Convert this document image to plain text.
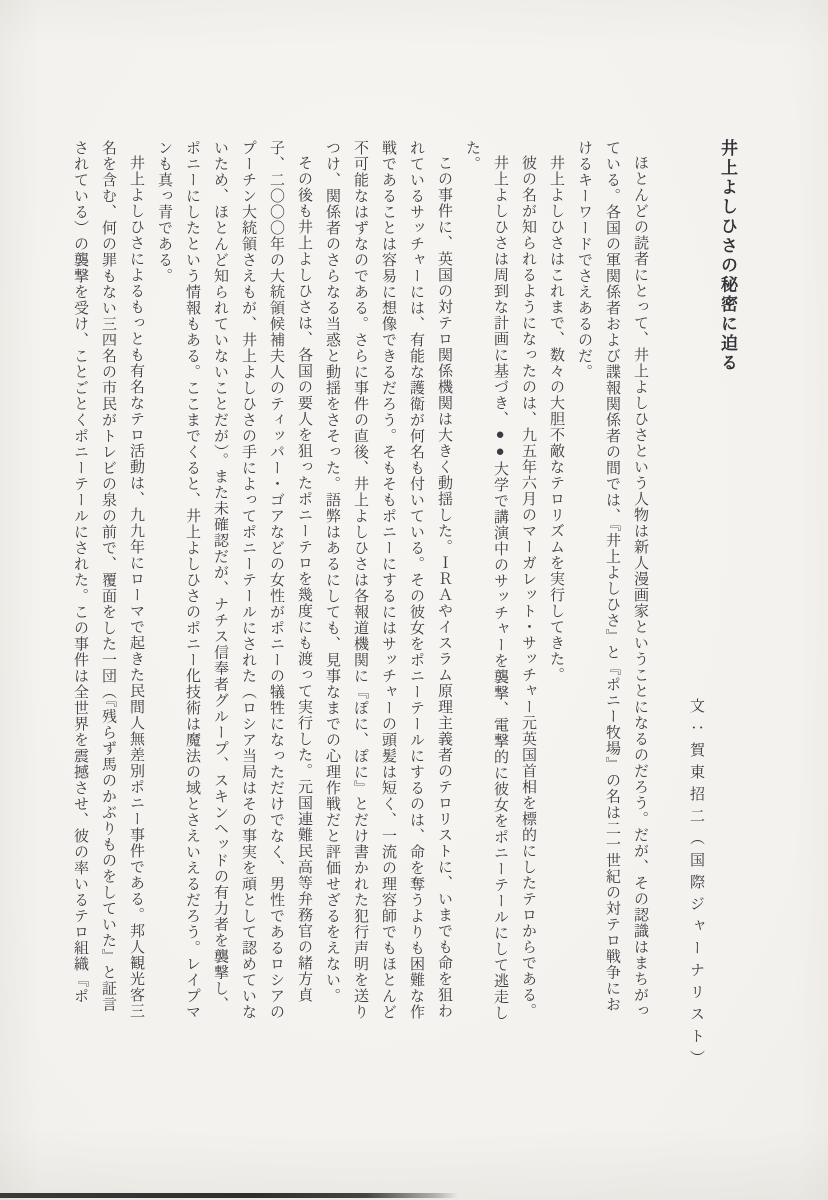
井上よしひさの秘密に迫る
文：賀東招二（国際ジャーナリスト）

ほとんどの読者にとって、井上よしひさという人物は新人漫画家ということになるのだろう。だが、その認識はまちがっている。各国の軍関係者および諜報関係者の間では、『井上よしひさ』と『ポニー牧場』の名は二一世紀の対テロ戦争におけるキーワードでさえあるのだ。

井上よしひさはこれまで、数々の大胆不敵なテロリズムを実行してきた。

彼の名が知られるようになったのは、九五年六月のマーガレット・サッチャー元英国首相を標的にしたテロからである。

井上よしひさは周到な計画に基づき、●●大学で講演中のサッチャーを襲撃、電撃的に彼女をポニーテールにして逃走した。

この事件に、英国の対テロ関係機関は大きく動揺した。ＩＲＡやイスラム原理主義者のテロリストに、いまでも命を狙われているサッチャーには、有能な護衛が何名も付いている。その彼女をポニーテールにするのは、命を奪うよりも困難な作戦であることは容易に想像できるだろう。そもそもポニーにするにはサッチャーの頭髪は短く、一流の理容師でもほとんど不可能なはずなのである。さらに事件の直後、井上よしひさは各報道機関に『ぽに、ぽに』とだけ書かれた犯行声明を送りつけ、関係者のさらなる当惑と動揺をさそった。語弊はあるにしても、見事なまでの心理作戦だと評価せざるをえない。

その後も井上よしひさは、各国の要人を狙ったポニーテロを幾度にも渡って実行した。元国連難民高等弁務官の緒方貞子、二〇〇〇年の大統領候補夫人のティッパー・ゴアなどの女性がポニーの犠牲になっただけでなく、男性であるロシアのプーチン大統領さえもが、井上よしひさの手によってポニーテールにされた（ロシア当局はその事実を頑として認めていないため、ほとんど知られていないことだが）。また未確認だが、ナチス信奉者グループ、スキンヘッドの有力者を襲撃し、ポニーにしたという情報もある。ここまでくると、井上よしひさのポニー化技術は魔法の域とさえいえるだろう。レイプマンも真っ青である。

井上よしひさによるもっとも有名なテロ活動は、九九年にローマで起きた民間人無差別ポニー事件である。邦人観光客三名を含む、何の罪もない三四名の市民がトレビの泉の前で、覆面をした一団（『残らず馬のかぶりものをしていた』と証言されている）の襲撃を受け、ことごとくポニーテールにされた。この事件は全世界を震撼させ、彼の率いるテロ組織『ポ
